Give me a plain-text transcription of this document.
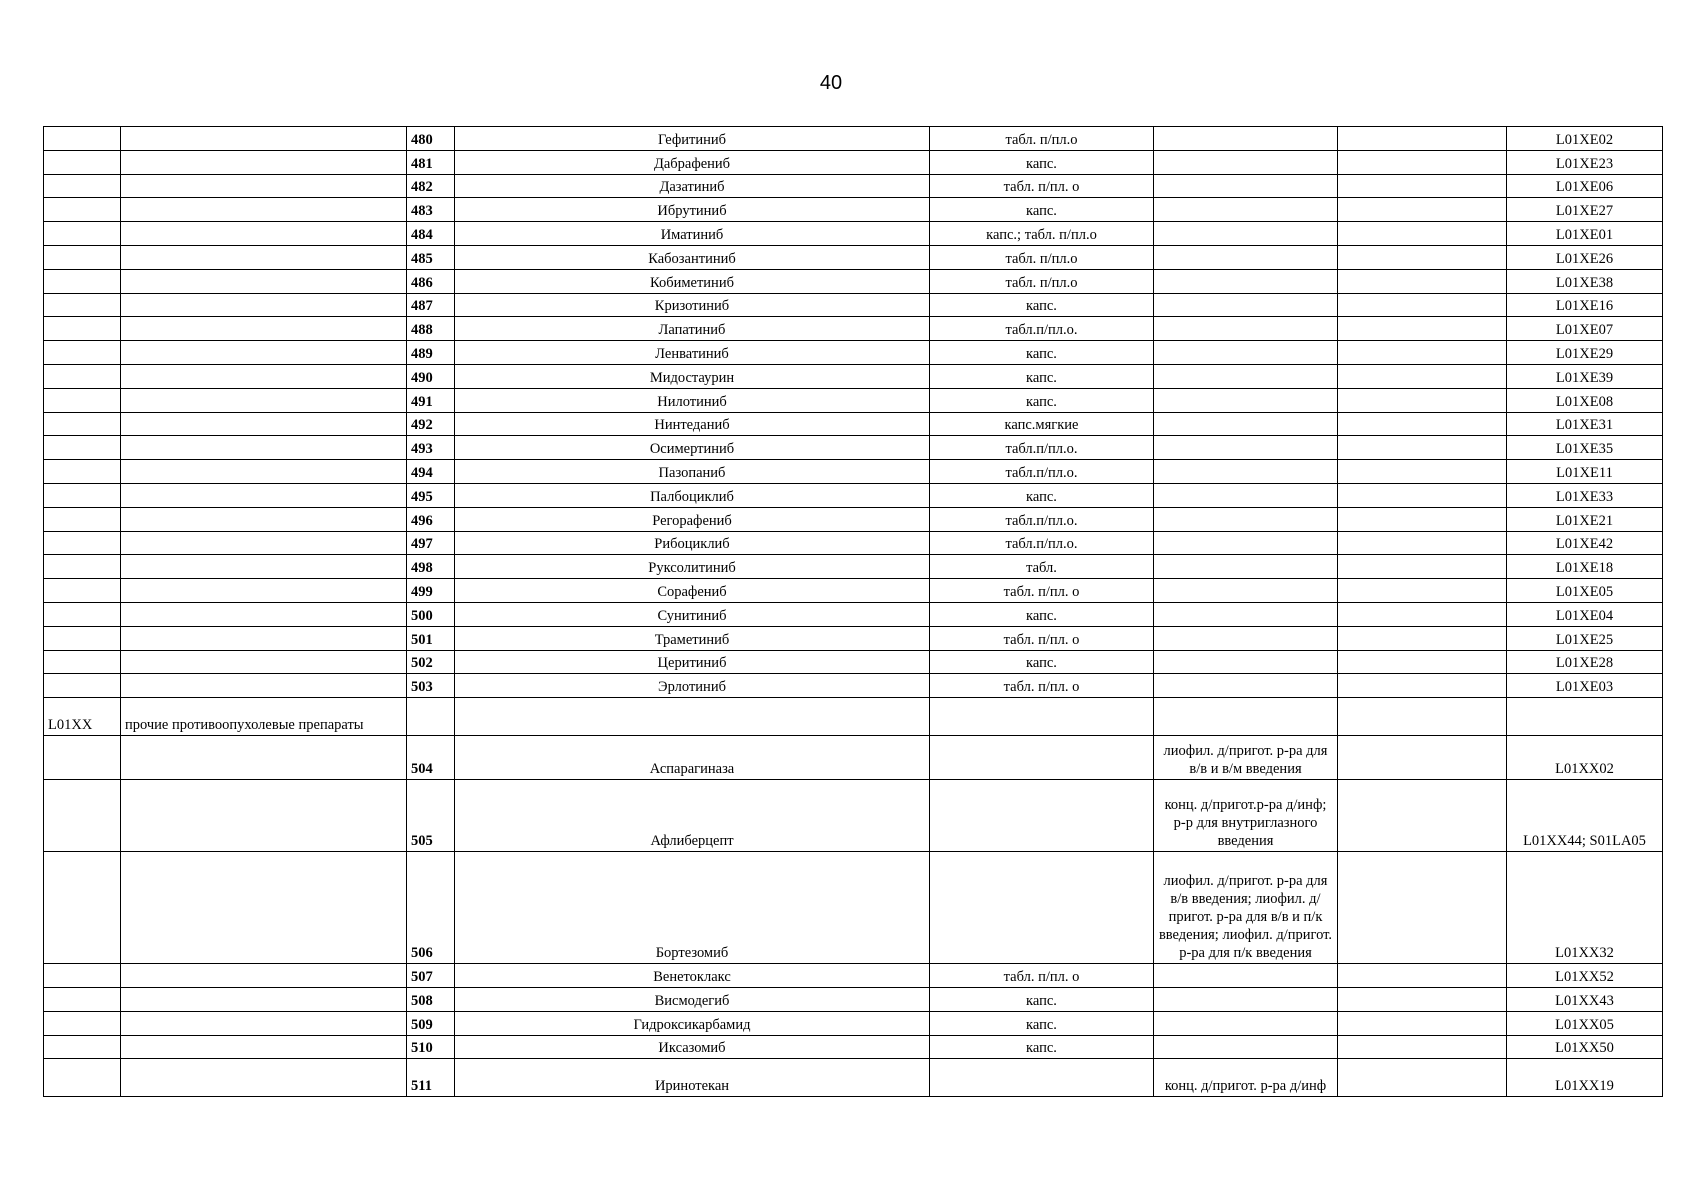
40
		480	Гефитиниб	табл. п/пл.о			L01XE02
		481	Дабрафениб	капс.			L01XE23
		482	Дазатиниб	табл. п/пл. о			L01XE06
		483	Ибрутиниб	капс.			L01XE27
		484	Иматиниб	капс.; табл. п/пл.о			L01XE01
		485	Кабозантиниб	табл. п/пл.о			L01XE26
		486	Кобиметиниб	табл. п/пл.о			L01XE38
		487	Кризотиниб	капс.			L01XE16
		488	Лапатиниб	табл.п/пл.о.			L01XE07
		489	Ленватиниб	капс.			L01XE29
		490	Мидостаурин	капс.			L01XE39
		491	Нилотиниб	капс.			L01XE08
		492	Нинтеданиб	капс.мягкие			L01XE31
		493	Осимертиниб	табл.п/пл.о.			L01XE35
		494	Пазопаниб	табл.п/пл.о.			L01XE11
		495	Палбоциклиб	капс.			L01XE33
		496	Регорафениб	табл.п/пл.о.			L01XE21
		497	Рибоциклиб	табл.п/пл.о.			L01XE42
		498	Руксолитиниб	табл.			L01XE18
		499	Сорафениб	табл. п/пл. о			L01XE05
		500	Сунитиниб	капс.			L01XE04
		501	Траметиниб	табл. п/пл. о			L01XE25
		502	Церитиниб	капс.			L01XE28
		503	Эрлотиниб	табл. п/пл. о			L01XE03
L01XX	прочие противоопухолевые препараты						
		504	Аспарагиназа		лиофил. д/пригот. р-ра для в/в и в/м введения		L01XX02
		505	Афлиберцепт		конц. д/пригот.р-ра д/инф; р-р для внутриглазного введения		L01XX44; S01LA05
		506	Бортезомиб		лиофил. д/пригот. р-ра для в/в введения; лиофил. д/пригот. р-ра для в/в и п/к введения; лиофил. д/пригот. р-ра для п/к введения		L01XX32
		507	Венетоклакс	табл. п/пл. о			L01XX52
		508	Висмодегиб	капс.			L01XX43
		509	Гидроксикарбамид	капс.			L01XX05
		510	Иксазомиб	капс.			L01XX50
		511	Иринотекан		конц. д/пригот. р-ра д/инф		L01XX19
